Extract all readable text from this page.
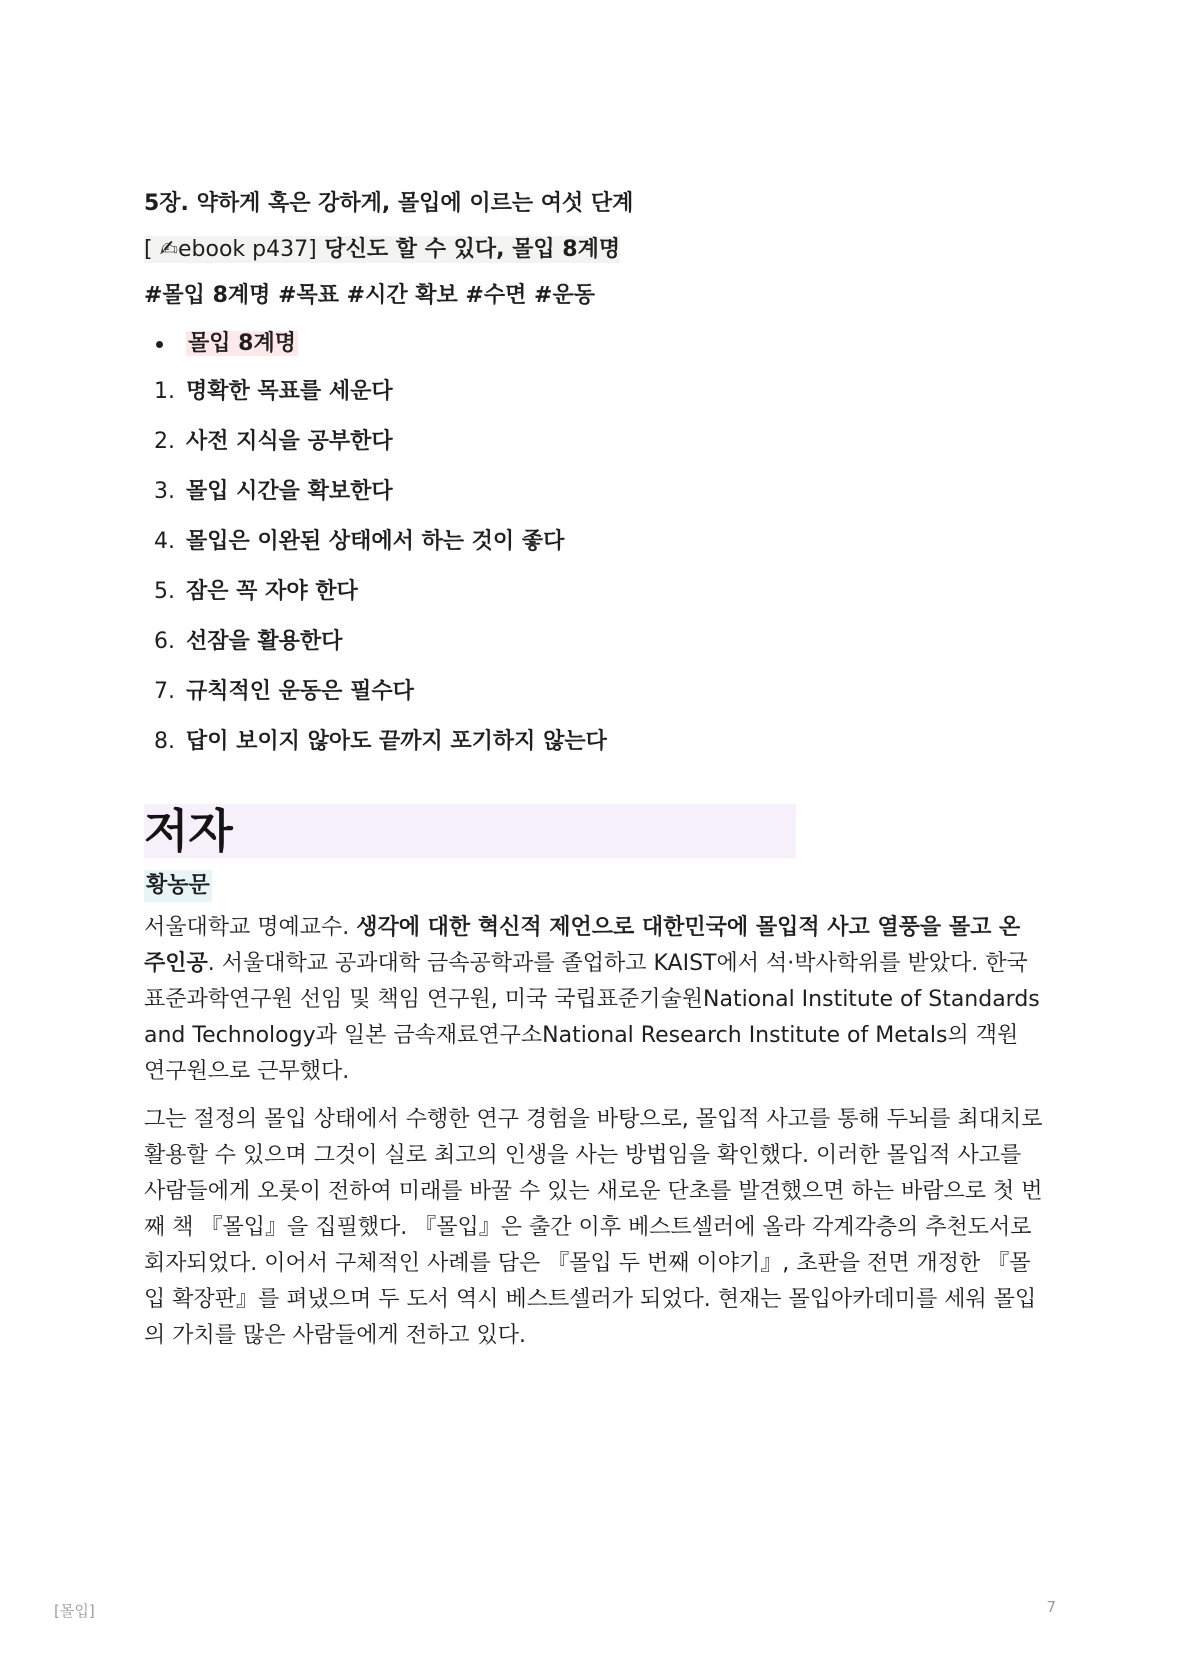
5장. 약하게 혹은 강하게, 몰입에 이르는 여섯 단계

[ ✍ebook p437] 당신도 할 수 있다, 몰입 8계명

#몰입 8계명 #목표 #시간 확보 #수면 #운동

몰입 8계명
1. 명확한 목표를 세운다
2. 사전 지식을 공부한다
3. 몰입 시간을 확보한다
4. 몰입은 이완된 상태에서 하는 것이 좋다
5. 잠은 꼭 자야 한다
6. 선잠을 활용한다
7. 규칙적인 운동은 필수다
8. 답이 보이지 않아도 끝까지 포기하지 않는다
저자
황농문

서울대학교 명예교수. 생각에 대한 혁신적 제언으로 대한민국에 몰입적 사고 열풍을 몰고 온 주인공. 서울대학교 공과대학 금속공학과를 졸업하고 KAIST에서 석·박사학위를 받았다. 한국표준과학연구원 선임 및 책임 연구원, 미국 국립표준기술원National Institute of Standards and Technology과 일본 금속재료연구소National Research Institute of Metals의 객원 연구원으로 근무했다.

그는 절정의 몰입 상태에서 수행한 연구 경험을 바탕으로, 몰입적 사고를 통해 두뇌를 최대치로 활용할 수 있으며 그것이 실로 최고의 인생을 사는 방법임을 확인했다. 이러한 몰입적 사고를 사람들에게 오롯이 전하여 미래를 바꿀 수 있는 새로운 단초를 발견했으면 하는 바람으로 첫 번째 책 『몰입』을 집필했다. 『몰입』은 출간 이후 베스트셀러에 올라 각계각층의 추천도서로 회자되었다. 이어서 구체적인 사례를 담은 『몰입 두 번째 이야기』, 초판을 전면 개정한 『몰입 확장판』를 펴냈으며 두 도서 역시 베스트셀러가 되었다. 현재는 몰입아카데미를 세워 몰입의 가치를 많은 사람들에게 전하고 있다.

[몰입]	7
